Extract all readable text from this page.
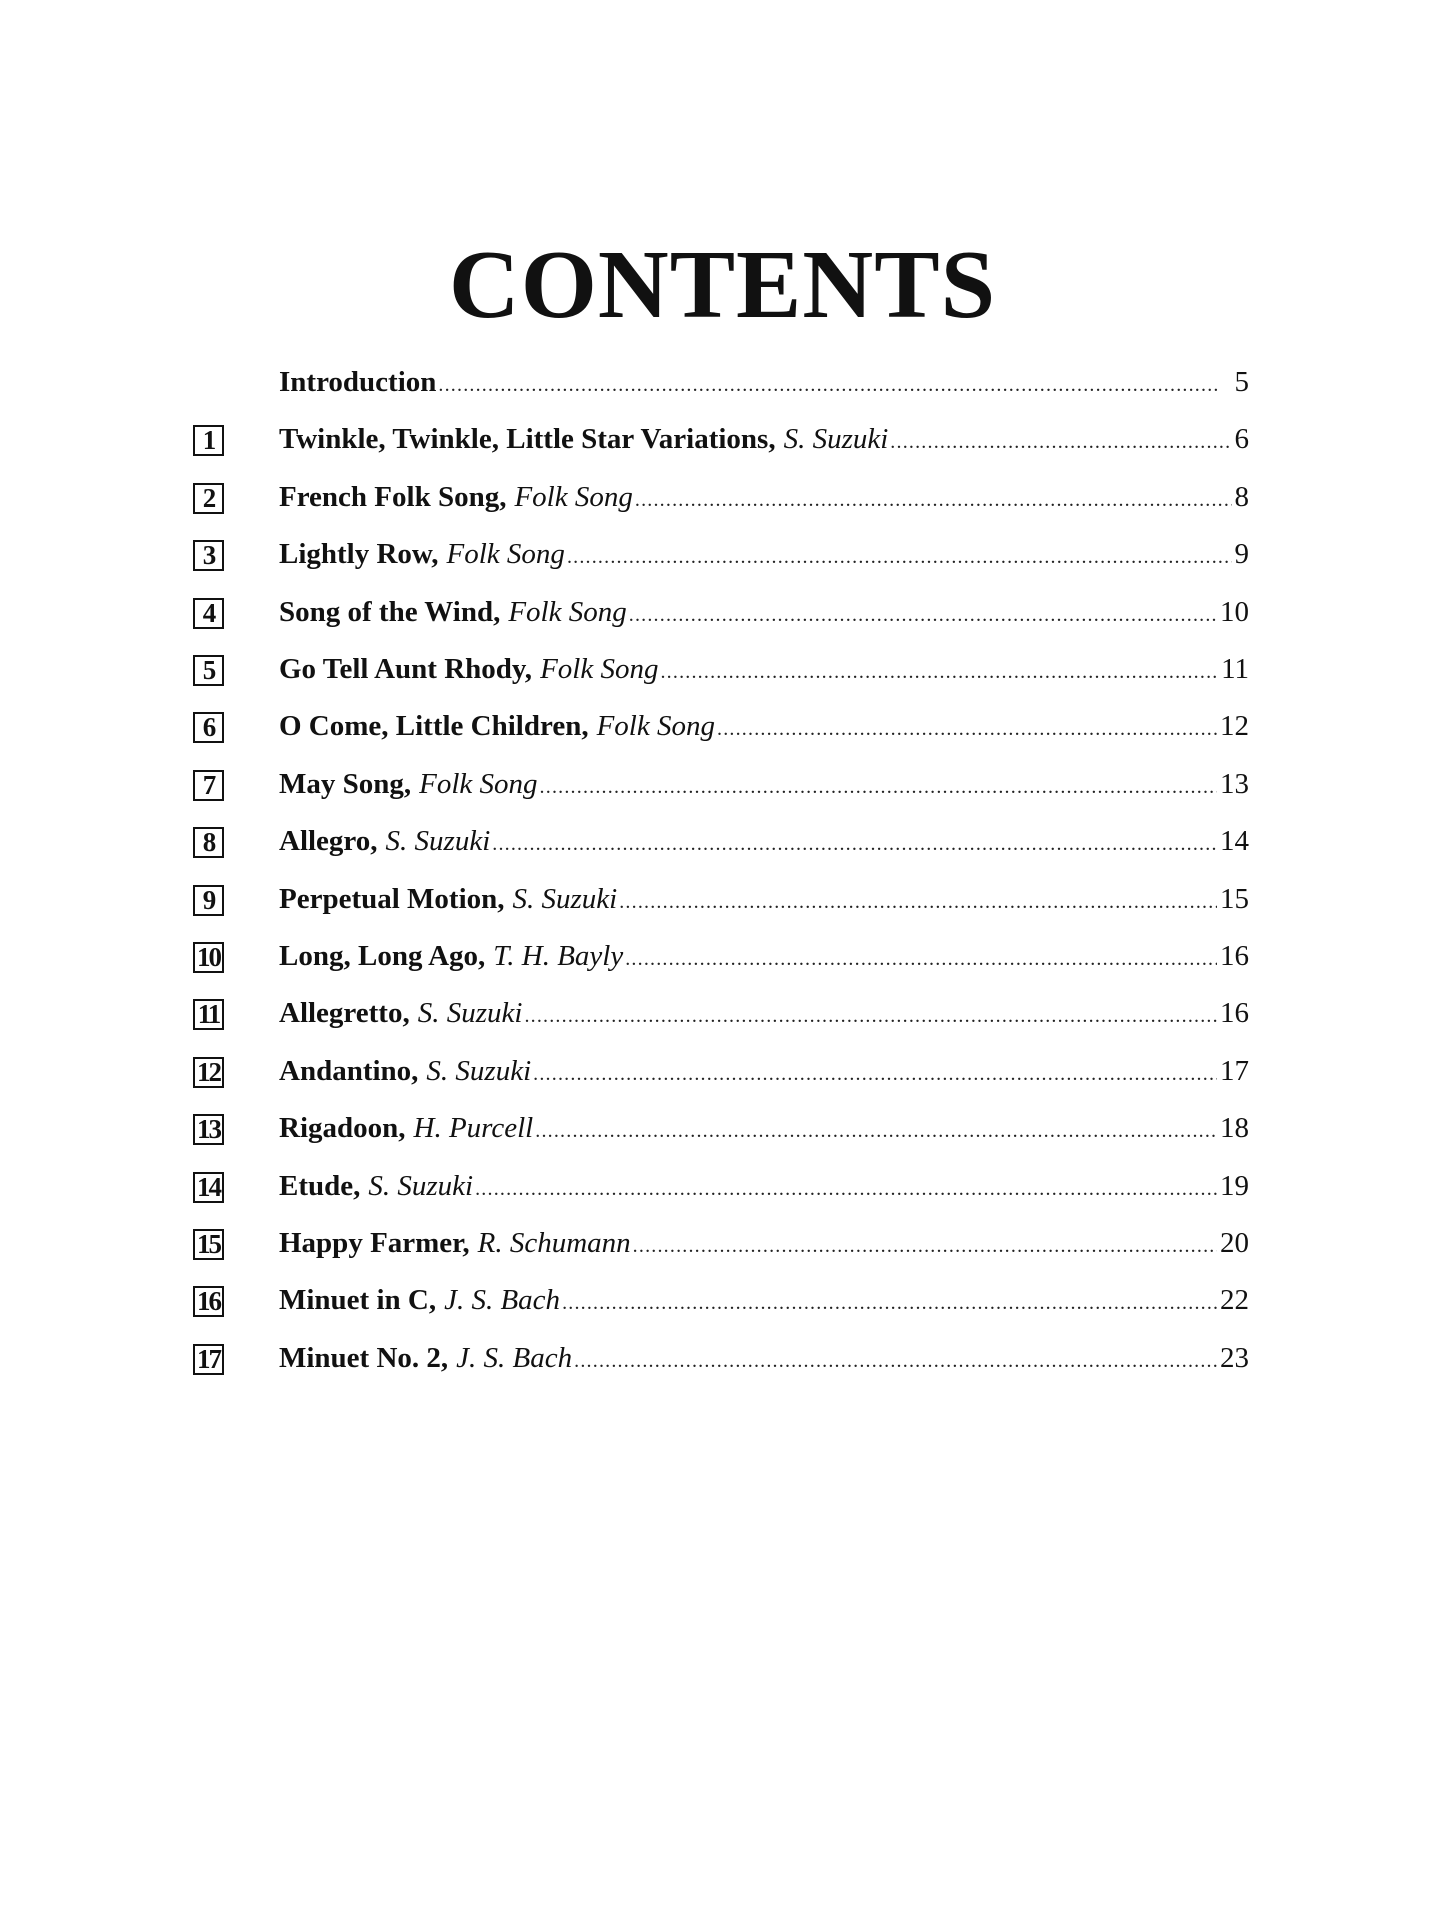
CONTENTS
Introduction .....	5
1	Twinkle, Twinkle, Little Star Variations, S. Suzuki .....	6
2	French Folk Song, Folk Song .....	8
3	Lightly Row, Folk Song .....	9
4	Song of the Wind, Folk Song .....	10
5	Go Tell Aunt Rhody, Folk Song .....	11
6	O Come, Little Children, Folk Song .....	12
7	May Song, Folk Song .....	13
8	Allegro, S. Suzuki .....	14
9	Perpetual Motion, S. Suzuki .....	15
10 Long, Long Ago, T. H. Bayly .....	16
11 Allegretto, S. Suzuki .....	16
12 Andantino, S. Suzuki .....	17
13 Rigadoon, H. Purcell .....	18
14 Etude, S. Suzuki .....	19
15 Happy Farmer, R. Schumann .....	20
16 Minuet in C, J. S. Bach .....	22
17 Minuet No. 2, J. S. Bach .....	23
